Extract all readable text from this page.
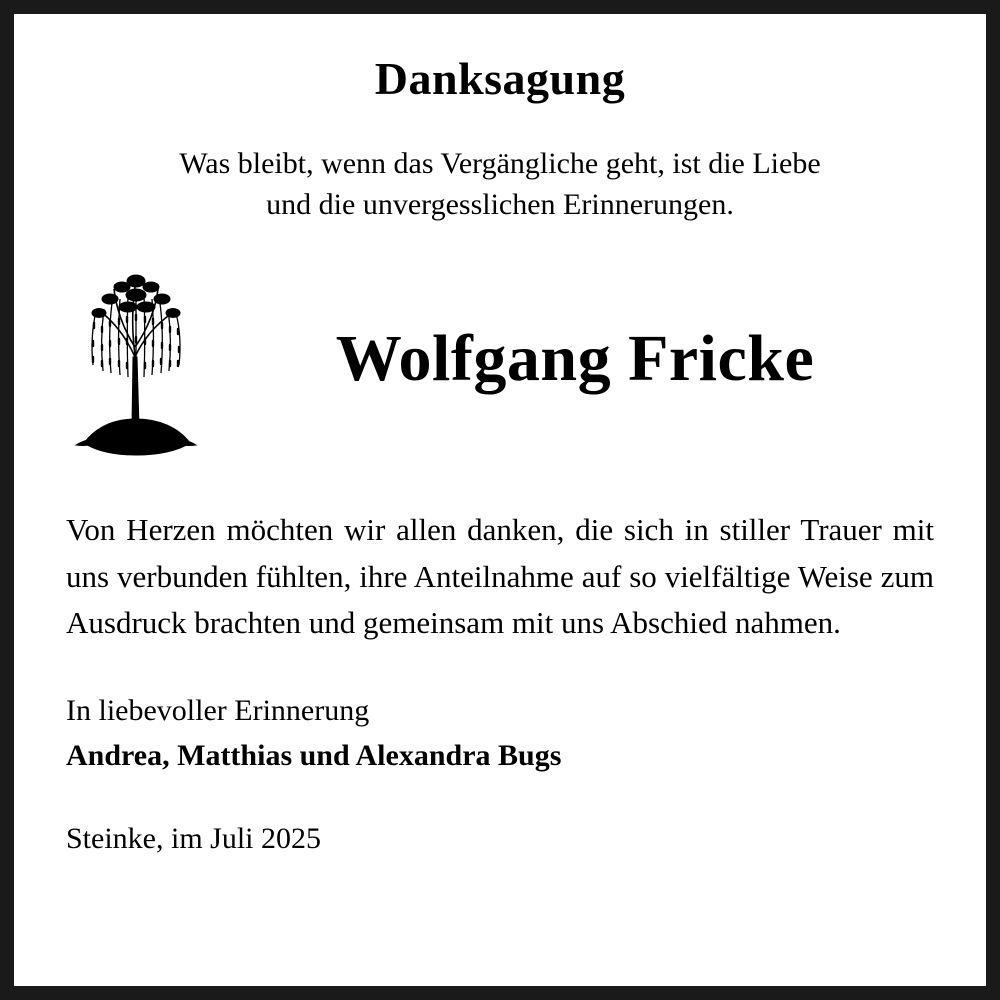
Danksagung
Was bleibt, wenn das Vergängliche geht, ist die Liebe
und die unvergesslichen Erinnerungen.
Wolfgang Fricke
Von Herzen möchten wir allen danken, die sich in stiller Trauer mit uns verbunden fühlten, ihre Anteilnahme auf so vielfältige Weise zum Ausdruck brachten und gemeinsam mit uns Abschied nahmen.
In liebevoller Erinnerung
Andrea, Matthias und Alexandra Bugs
Steinke, im Juli 2025
